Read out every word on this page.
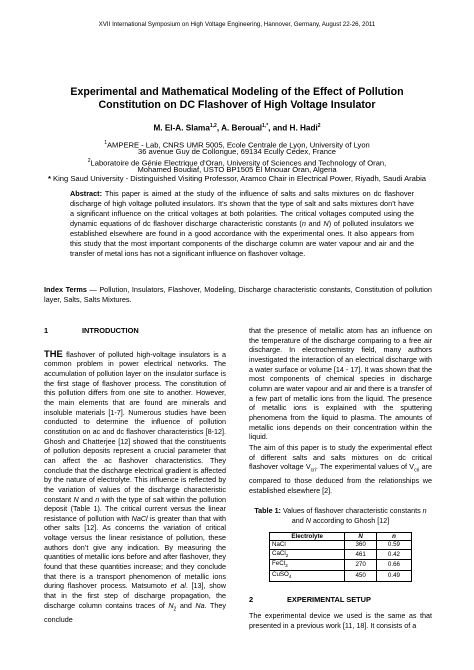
XVII International Symposium on High Voltage Engineering, Hannover, Germany, August 22-26, 2011
Experimental and Mathematical Modeling of the Effect of Pollution
Constitution on DC Flashover of High Voltage Insulator
M. El-A. Slama$^{1,2}$, A. Beroual$^{1,*}$, and H. Hadi$^2$
$^1$AMPERE - Lab, CNRS UMR 5005, Ecole Centrale de Lyon, University of Lyon
36 avenue Guy de Collongue, 69134 Ecully Cedex, France
$^2$Laboratoire de Génie Electrique d’Oran, University of Sciences and Technology of Oran,
Mohamed Boudiaf, USTO BP1505 El Mnouar Oran, Algeria
* King Saud University - Distinguished Visiting Professor, Aramco Chair in Electrical Power, Riyadh, Saudi Arabia
Abstract: This paper is aimed at the study of the influence of salts and salts mixtures on dc flashover discharge of high voltage polluted insulators. It’s shown that the type of salt and salts mixtures don’t have a significant influence on the critical voltages at both polarities. The critical voltages computed using the dynamic equations of dc flashover discharge characteristic constants (n and N) of polluted insulators we established elsewhere are found in a good accordance with the experimental ones. It also appears from this study that the most important components of the discharge column are water vapour and air and the transfer of metal ions has not a significant influence on flashover voltage.
Index Terms — Pollution, Insulators, Flashover, Modeling, Discharge characteristic constants, Constitution of pollution layer, Salts, Salts Mixtures.
1	INTRODUCTION
THE flashover of polluted high-voltage insulators is a common problem in power electrical networks. The accumulation of pollution layer on the insulator surface is the first stage of flashover process. The constitution of this pollution differs from one site to another. However, the main elements that are found are minerals and insoluble materials [1-7]. Numerous studies have been conducted to determine the influence of pollution constitution on ac and dc flashover characteristics [8-12]. Ghosh and Chatterjee [12] showed that the constituents of pollution deposits represent a crucial parameter that can affect the ac flashover characteristics. They conclude that the discharge electrical gradient is affected by the nature of electrolyte. This influence is reflected by the variation of values of the discharge characteristic constant N and n with the type of salt within the pollution deposit (Table 1). The critical current versus the linear resistance of pollution with NaCl is greater than that with other salts [12]. As concerns the variation of critical voltage versus the linear resistance of pollution, these authors don’t give any indication. By measuring the quantities of metallic ions before and after flashover, they found that these quantities increase; and they conclude that there is a transport phenomenon of metallic ions during flashover process. Matsumoto et al. [13], show that in the first step of discharge propagation, the discharge column contains traces of $N_2$ and Na. They conclude
that the presence of metallic atom has an influence on the temperature of the discharge comparing to a free air discharge. In electrochemistry field, many authors investigated the interaction of an electrical discharge with a water surface or volume [14 - 17]. It was shown that the most components of chemical species in discharge column are water vapour and air and there is a transfer of a few part of metallic ions from the liquid. The presence of metallic ions is explained with the sputtering phenomena from the liquid to plasma. The amounts of metallic ions depends on their concentration within the liquid.
The aim of this paper is to study the experimental effect of different salts and salts mixtures on dc critical flashover voltage $V_{cri}$. The experimental values of $V_{cri}$ are compared to those deduced from the relationships we established elsewhere [2].
Table 1: Values of flashover characteristic constants n and N according to Ghosh [12]
Electrolyte	N	n
NaCl	360	0.59
CaCl$_2$	461	0.42
FeCl$_3$	270	0.66
CuSO$_4$	450	0.49
2	EXPERIMENTAL SETUP
The experimental device we used is the same as that presented in a previous work [11, 18]. It consists of a
